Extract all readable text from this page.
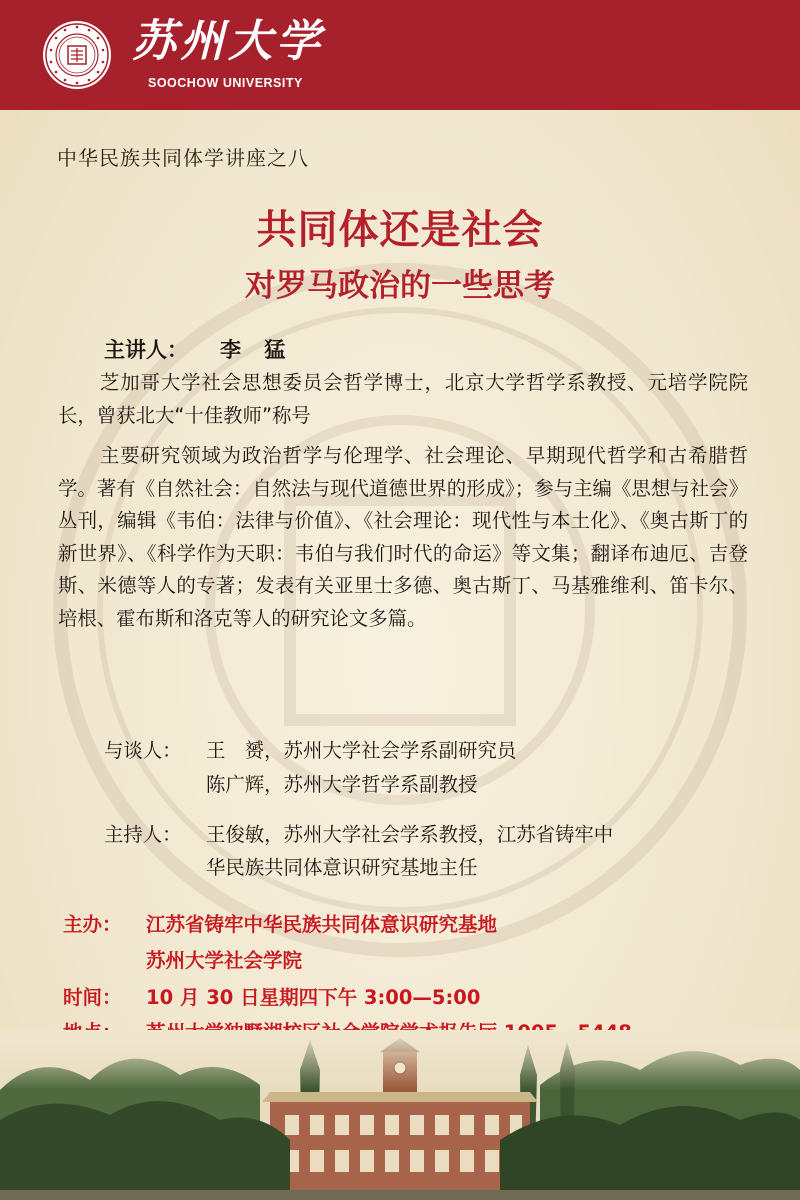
苏州大学
SOOCHOW UNIVERSITY
中华民族共同体学讲座之八
共同体还是社会
对罗马政治的一些思考
主讲人： 李 猛

芝加哥大学社会思想委员会哲学博士，北京大学哲学系教授、元培学院院长，曾获北大“十佳教师”称号

主要研究领域为政治哲学与伦理学、社会理论、早期现代哲学和古希腊哲学。著有《自然社会：自然法与现代道德世界的形成》；参与主编《思想与社会》丛刊，编辑《韦伯：法律与价值》、《社会理论：现代性与本土化》、《奥古斯丁的新世界》、《科学作为天职：韦伯与我们时代的命运》等文集；翻译布迪厄、吉登斯、米德等人的专著；发表有关亚里士多德、奥古斯丁、马基雅维利、笛卡尔、培根、霍布斯和洛克等人的研究论文多篇。

与谈人： 王　赟，苏州大学社会学系副研究员
陈广辉，苏州大学哲学系副教授
主持人： 王俊敏，苏州大学社会学系教授，江苏省铸牢中
华民族共同体意识研究基地主任
主办： 江苏省铸牢中华民族共同体意识研究基地
苏州大学社会学院
时间： 10 月 30 日星期四下午 3:00—5:00
